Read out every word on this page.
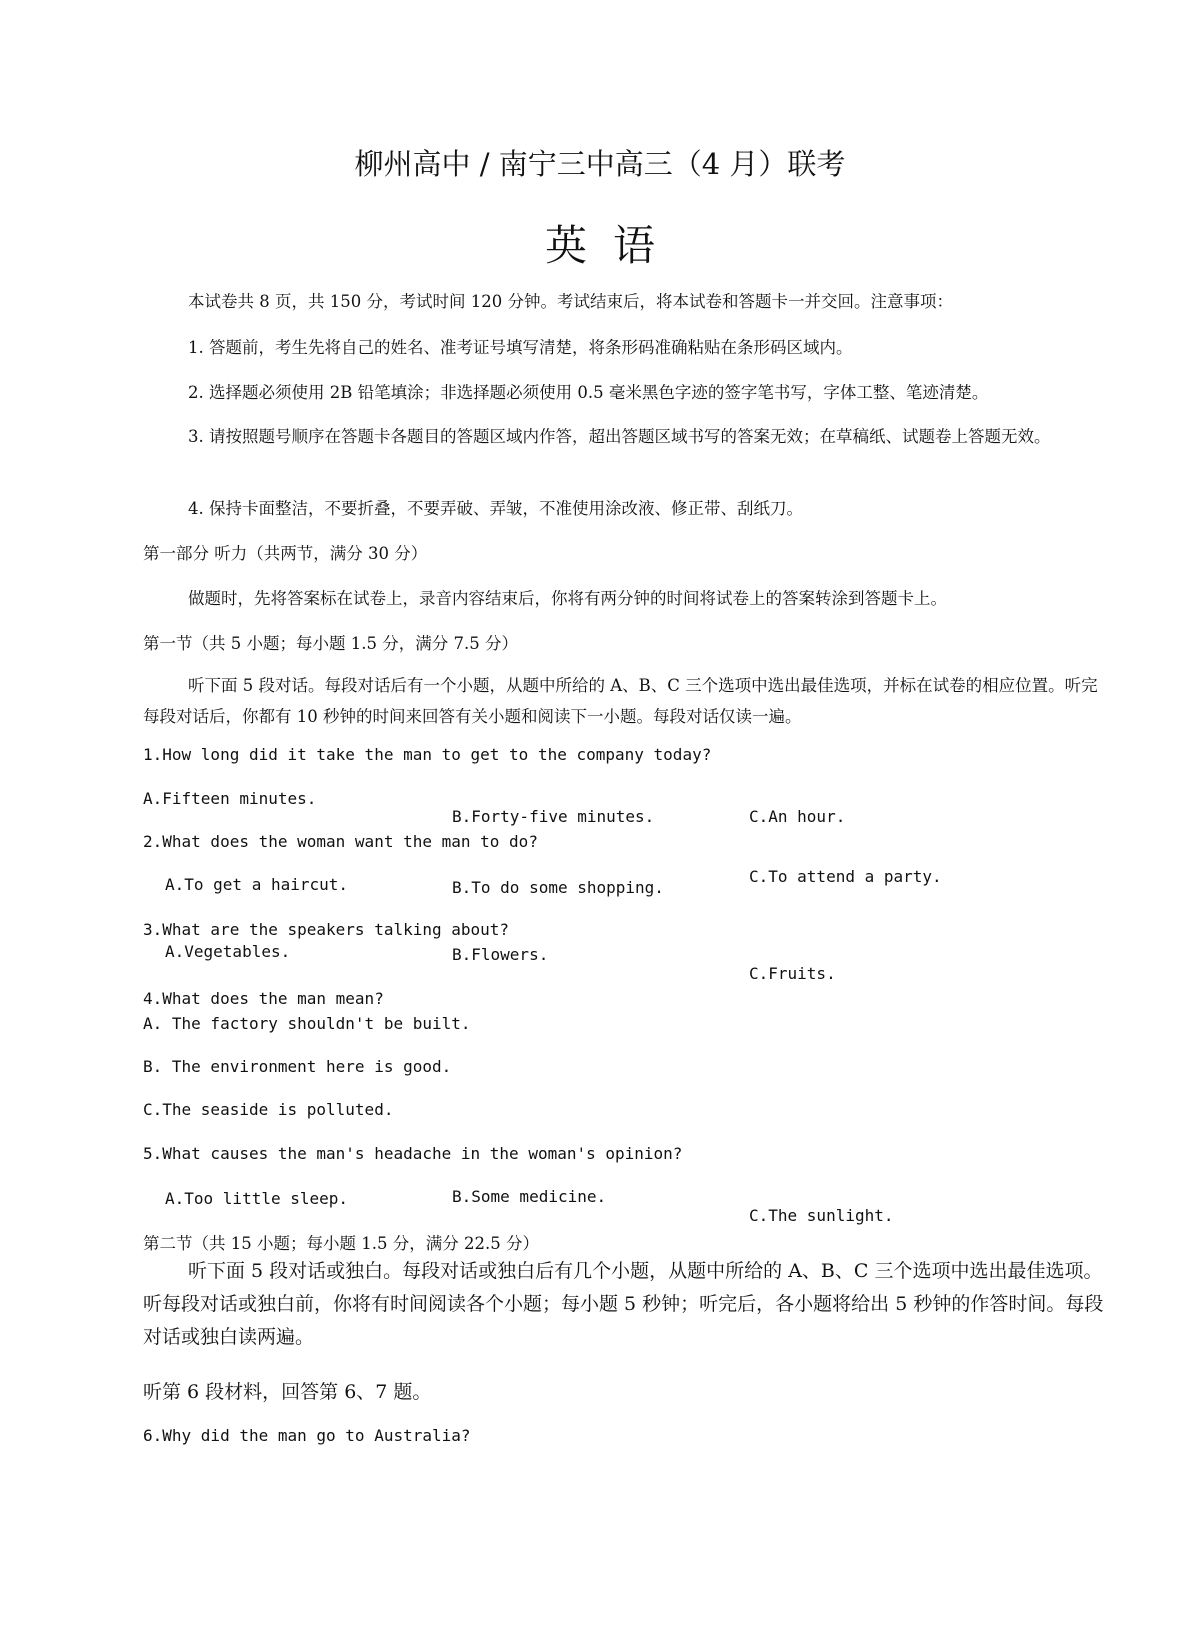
柳州高中 / 南宁三中高三（4 月）联考
英语
本试卷共 8 页，共 150 分，考试时间 120 分钟。考试结束后，将本试卷和答题卡一并交回。注意事项：
1. 答题前，考生先将自己的姓名、准考证号填写清楚，将条形码准确粘贴在条形码区域内。
2. 选择题必须使用 2B 铅笔填涂；非选择题必须使用 0.5 毫米黑色字迹的签字笔书写，字体工整、笔迹清楚。
3. 请按照题号顺序在答题卡各题目的答题区域内作答，超出答题区域书写的答案无效；在草稿纸、试题卷上答题无效。
4. 保持卡面整洁，不要折叠，不要弄破、弄皱，不准使用涂改液、修正带、刮纸刀。
第一部分 听力（共两节，满分 30 分）
做题时，先将答案标在试卷上，录音内容结束后，你将有两分钟的时间将试卷上的答案转涂到答题卡上。
第一节（共 5 小题；每小题 1.5 分，满分 7.5 分）
听下面 5 段对话。每段对话后有一个小题，从题中所给的 A、B、C 三个选项中选出最佳选项，并标在试卷的相应位置。听完每段对话后，你都有 10 秒钟的时间来回答有关小题和阅读下一小题。每段对话仅读一遍。
1.How long did it take the man to get to the company today?
A.Fifteen minutes.
B.Forty-five minutes.	C.An hour.
2.What does the woman want the man to do?
A.To get a haircut.	B.To do some shopping.
C.To attend a party.
3.What are the speakers talking about?
A.Vegetables.	B.Flowers.
C.Fruits.
4.What does the man mean?
A. The factory shouldn't be built.
B. The environment here is good.
C.The seaside is polluted.
5.What causes the man's headache in the woman's opinion?
A.Too little sleep.	B.Some medicine.
C.The sunlight.
第二节（共 15 小题；每小题 1.5 分，满分 22.5 分）
听下面 5 段对话或独白。每段对话或独白后有几个小题，从题中所给的 A、B、C 三个选项中选出最佳选项。听每段对话或独白前，你将有时间阅读各个小题；每小题 5 秒钟；听完后，各小题将给出 5 秒钟的作答时间。每段对话或独白读两遍。
听第 6 段材料，回答第 6、7 题。
6.Why did the man go to Australia?
